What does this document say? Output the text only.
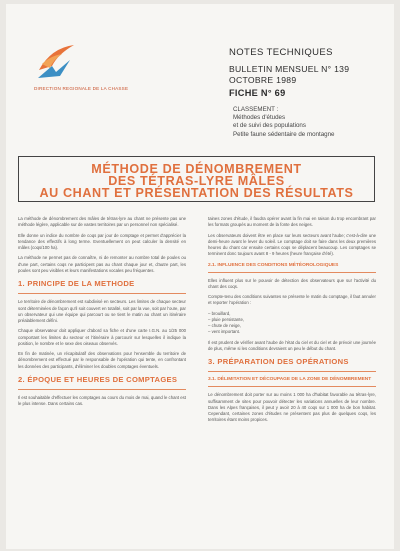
DIRECTION REGIONALE DE LA CHASSE
NOTES TECHNIQUES
BULLETIN MENSUEL N° 139
OCTOBRE 1989
FICHE N° 69
CLASSEMENT :
Méthodes d'études
et de suivi des populations
Petite faune sédentaire de montagne
MÉTHODE DE DÉNOMBREMENT
DES TÉTRAS-LYRE MÂLES
AU CHANT ET PRÉSENTATION DES RÉSULTATS

La méthode de dénombrement des mâles de tétras-lyre au chant ne présente pas une méthode légère, applicable sur de vastes territoires par un personnel non spécialisé.

Elle donne un indice du nombre de coqs par jour de comptage et permet d'apprécier la tendance des effectifs à long terme. Eventuellement on peut calculer la densité en mâles (coqs/100 ha).

La méthode ne permet pas de connaître, ni de remonter au nombre total de poules ou d'une part, certains coqs ne participent pas au chant chaque jour et, d'autre part, les poules sont peu visibles et leurs manifestations vocales peu fréquentes.

1. PRINCIPE DE LA METHODE

Le territoire de dénombrement est subdivisé en secteurs. Les limites de chaque secteur sont déterminées de façon qu'il soit couvert en totalité, soit par la vue, soit par l'ouïe, par un observateur qui une équipe qui parcourt ou se tient le matin au chant un itinéraire préalablement défini.

Chaque observateur doit appliquer d'abord sa fiche et d'une carte I.G.N. au 1/25 000 comportant les limites du secteur et l'itinéraire à parcourir sur lesquelles il indique la position, le nombre et le sexe des oiseaux observés.

En fin de matinée, un récapitulatif des observations pour l'ensemble du territoire de dénombrement est effectué par le responsable de l'opération qui tente, en confrontant les données des participants, d'éliminer les doubles comptages éventuels.

2. ÉPOQUE ET HEURES DE COMPTAGES

Il est souhaitable d'effectuer les comptages au cours du mois de mai, quand le chant est le plus intense. Dans certains cas.

taines zones d'étude, il faudra opérer avant la fin mai en raison du trop encombrant par les formats groupés au moment de la fonte des neiges.

Les observateurs doivent être en place sur leurs secteurs avant l'aube; c'est-à-dire une demi-heure avant le lever du soleil. Le comptage doit se faire dans les deux premières heures du chant car ensuite certains coqs se déplacent beaucoup. Les comptages se terminent donc toujours avant 8 - 9 heures (heure française d'été).

2.1. INFLUENCE DES CONDITIONS MÉTÉOROLOGIQUES

Elles influent plus sur le pouvoir de détection des observateurs que sur l'activité du chant des coqs.

Compte-tenu des conditions suivantes se présente le matin du comptage, il faut annuler et reporter l'opération :

– brouillard,
– pluie persistante,
– chute de neige,
– vent important.

Il est prudent de vérifier avant l'aube de l'état du ciel et du ciel et de prévoir une journée de plus, même si les conditions devraient un peu le début du chant.

3. PRÉPARATION DES OPÉRATIONS
3.1. DÉLIMITATION ET DÉCOUPAGE DE LA ZONE DE DÉNOMBREMENT

Le dénombrement doit porter sur au moins 1 000 ha d'habitat favorable au tétras-lyre, suffisamment de sites pour pouvoir détecter les variations annuelles de leur nombre. Dans les Alpes françaises, il peut y avoir 20 à 40 coqs sur 1 000 ha de bon habitat. Cependant, certaines zones d'études ne présentent pas plus de quelques coqs, les territoires étant moins propices.
